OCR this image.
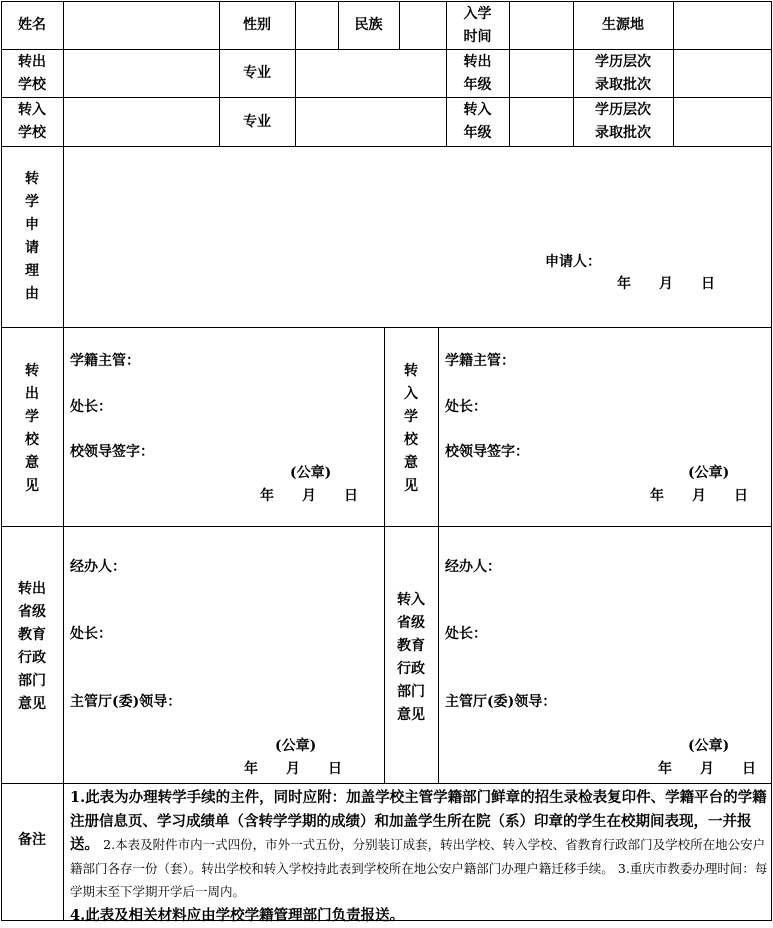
姓名	性别	民族
入学
时间
生源地
转出
学校
专业
转出
年级
学历层次
录取批次
转入
学校
专业
转入
年级
学历层次
录取批次
转
学
申
请
理
由
申请人：
年　　月　　日
转
出
学
校
意
见
学籍主管：
处长：
校领导签字：
(公章)
年　　月　　日
转
入
学
校
意
见
学籍主管：
处长：
校领导签字：
(公章)
年　　月　　日
转出
省级
教育
行政
部门
意见
经办人：
处长：
主管厅(委)领导：
(公章)
年　　月　　日
转入
省级
教育
行政
部门
意见
经办人：
处长：
主管厅(委)领导：
(公章)
年　　月　　日
备注
1.此表为办理转学手续的主件，同时应附：加盖学校主管学籍部门鲜章的招生录检表复印件、学籍平台的学籍注册信息页、学习成绩单（含转学学期的成绩）和加盖学生所在院（系）印章的学生在校期间表现，一并报送。 2.本表及附件市内一式四份，市外一式五份，分别装订成套，转出学校、转入学校、省教育行政部门及学校所在地公安户籍部门各存一份（套）。转出学校和转入学校持此表到学校所在地公安户籍部门办理户籍迁移手续。 3.重庆市教委办理时间：每学期末至下学期开学后一周内。
4.此表及相关材料应由学校学籍管理部门负责报送。
